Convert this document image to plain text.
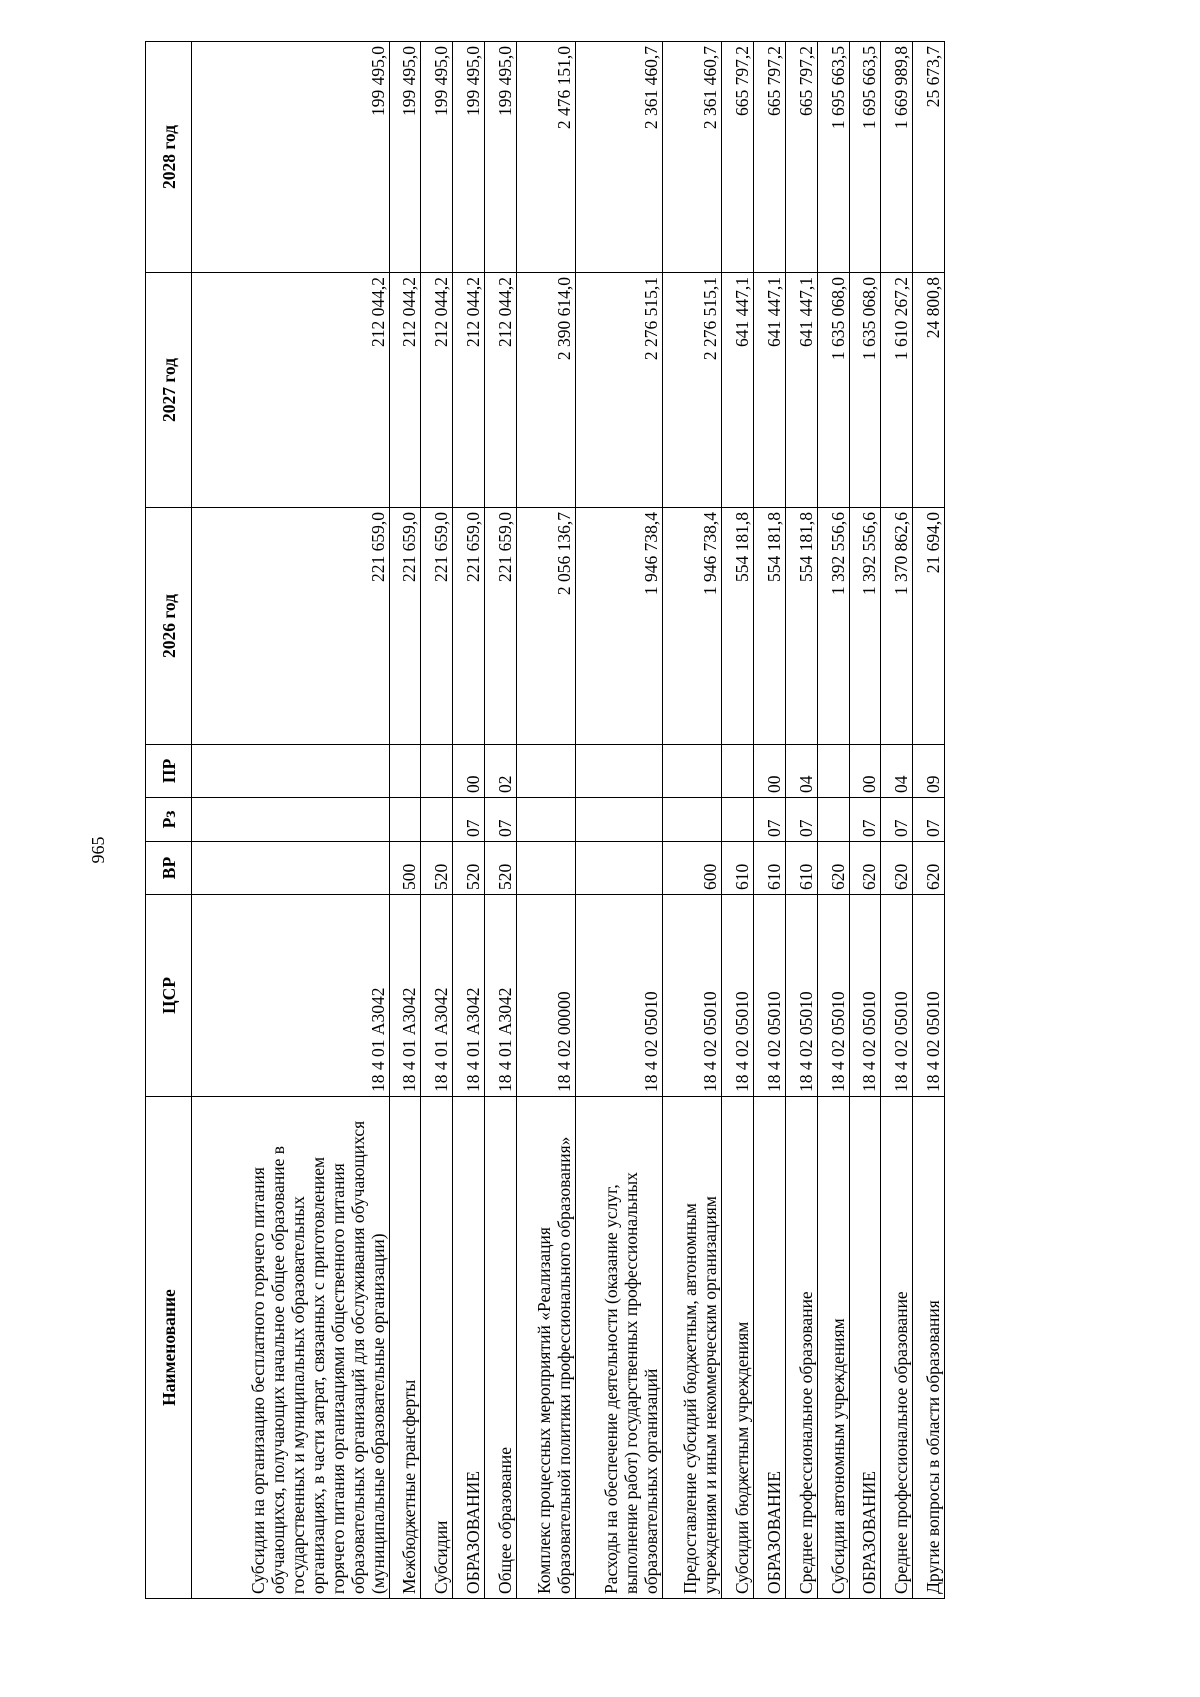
965
Наименование	ЦСР	ВР	Рз	ПР	2026 год	2027 год	2028 год
Субсидии на организацию бесплатного горячего питания обучающихся, получающих начальное общее образование в государственных и муниципальных образовательных организациях, в части затрат, связанных с приготовлением горячего питания организациями общественного питания образовательных организаций для обслуживания обучающихся (муниципальные образовательные организации)	18 4 01 А3042				221 659,0	212 044,2	199 495,0
Межбюджетные трансферты	18 4 01 А3042	500			221 659,0	212 044,2	199 495,0
Субсидии	18 4 01 А3042	520			221 659,0	212 044,2	199 495,0
ОБРАЗОВАНИЕ	18 4 01 А3042	520	07	00	221 659,0	212 044,2	199 495,0
Общее образование	18 4 01 А3042	520	07	02	221 659,0	212 044,2	199 495,0
Комплекс процессных мероприятий «Реализация образовательной политики профессионального образования»	18 4 02 00000				2 056 136,7	2 390 614,0	2 476 151,0
Расходы на обеспечение деятельности (оказание услуг, выполнение работ) государственных профессиональных образовательных организаций	18 4 02 05010				1 946 738,4	2 276 515,1	2 361 460,7
Предоставление субсидий бюджетным, автономным учреждениям и иным некоммерческим организациям	18 4 02 05010	600			1 946 738,4	2 276 515,1	2 361 460,7
Субсидии бюджетным учреждениям	18 4 02 05010	610			554 181,8	641 447,1	665 797,2
ОБРАЗОВАНИЕ	18 4 02 05010	610	07	00	554 181,8	641 447,1	665 797,2
Среднее профессиональное образование	18 4 02 05010	610	07	04	554 181,8	641 447,1	665 797,2
Субсидии автономным учреждениям	18 4 02 05010	620			1 392 556,6	1 635 068,0	1 695 663,5
ОБРАЗОВАНИЕ	18 4 02 05010	620	07	00	1 392 556,6	1 635 068,0	1 695 663,5
Среднее профессиональное образование	18 4 02 05010	620	07	04	1 370 862,6	1 610 267,2	1 669 989,8
Другие вопросы в области образования	18 4 02 05010	620	07	09	21 694,0	24 800,8	25 673,7
